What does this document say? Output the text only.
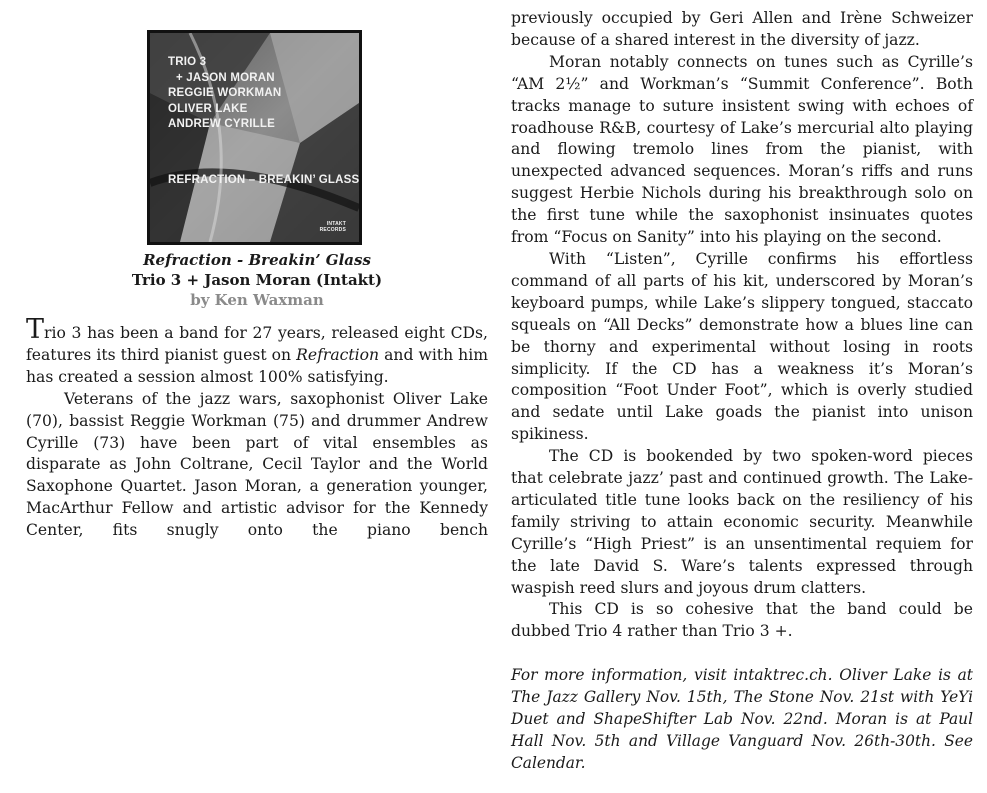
TRIO 3
+ JASON MORAN
REGGIE WORKMAN
OLIVER LAKE
ANDREW CYRILLE
REFRACTION – BREAKIN’ GLASS
INTAKT
RECORDS
Refraction - Breakin’ Glass
Trio 3 + Jason Moran (Intakt)
by Ken Waxman

Trio 3 has been a band for 27 years, released eight CDs, features its third pianist guest on Refraction and with him has created a session almost 100% satisfying.

Veterans of the jazz wars, saxophonist Oliver Lake (70), bassist Reggie Workman (75) and drummer Andrew Cyrille (73) have been part of vital ensembles as disparate as John Coltrane, Cecil Taylor and the World Saxophone Quartet. Jason Moran, a generation younger, MacArthur Fellow and artistic advisor for the Kennedy Center, fits snugly onto the piano bench

previously occupied by Geri Allen and Irène Schweizer because of a shared interest in the diversity of jazz.

Moran notably connects on tunes such as Cyrille’s “AM 2½” and Workman’s “Summit Conference”. Both tracks manage to suture insistent swing with echoes of roadhouse R&B, courtesy of Lake’s mercurial alto playing and flowing tremolo lines from the pianist, with unexpected advanced sequences. Moran’s riffs and runs suggest Herbie Nichols during his breakthrough solo on the first tune while the saxophonist insinuates quotes from “Focus on Sanity” into his playing on the second.

With “Listen”, Cyrille confirms his effortless command of all parts of his kit, underscored by Moran’s keyboard pumps, while Lake’s slippery tongued, staccato squeals on “All Decks” demonstrate how a blues line can be thorny and experimental without losing in roots simplicity. If the CD has a weakness it’s Moran’s composition “Foot Under Foot”, which is overly studied and sedate until Lake goads the pianist into unison spikiness.

The CD is bookended by two spoken-word pieces that celebrate jazz’ past and continued growth. The Lake-articulated title tune looks back on the resiliency of his family striving to attain economic security. Meanwhile Cyrille’s “High Priest” is an unsentimental requiem for the late David S. Ware’s talents expressed through waspish reed slurs and joyous drum clatters.

This CD is so cohesive that the band could be dubbed Trio 4 rather than Trio 3 +.

For more information, visit intaktrec.ch. Oliver Lake is at The Jazz Gallery Nov. 15th, The Stone Nov. 21st with YeYi Duet and ShapeShifter Lab Nov. 22nd. Moran is at Paul Hall Nov. 5th and Village Vanguard Nov. 26th-30th. See Calendar.
